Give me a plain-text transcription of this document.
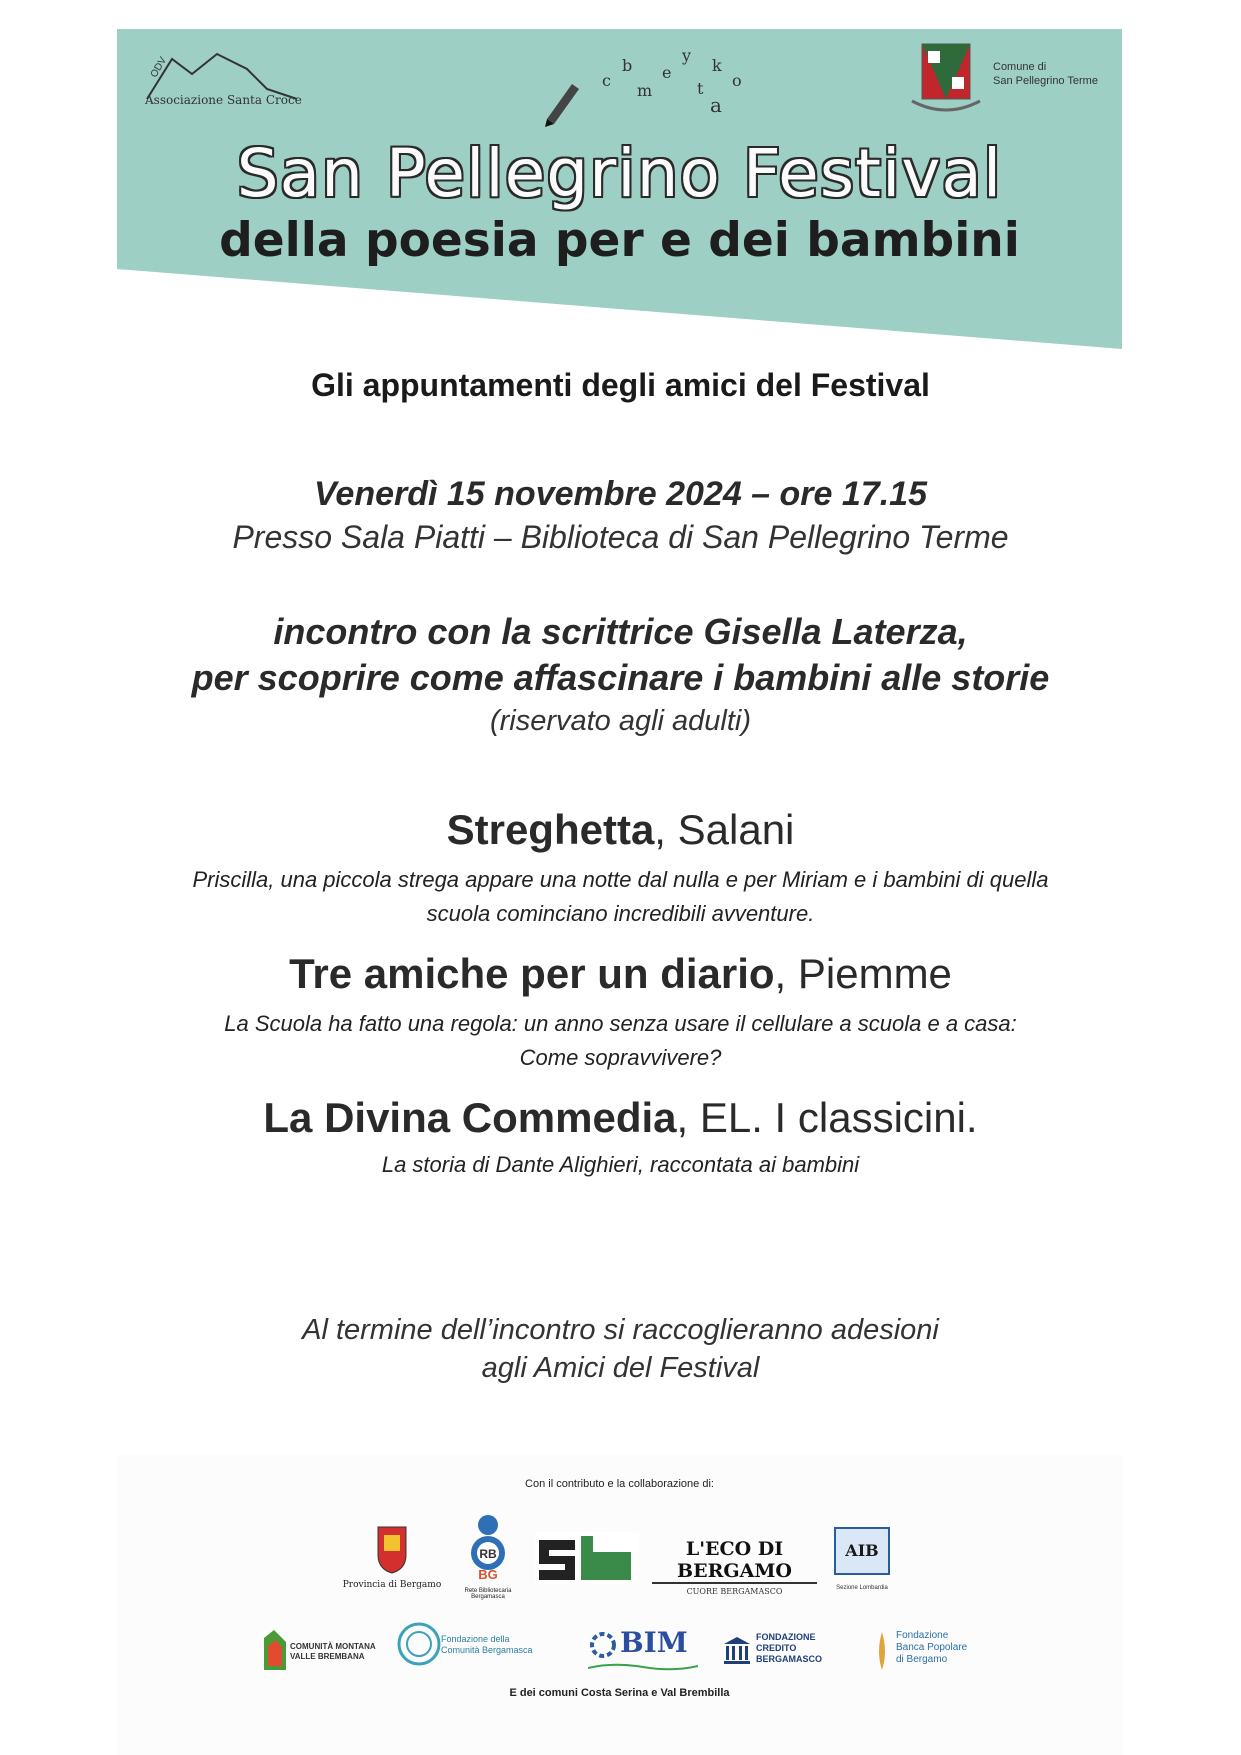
c
b
m
e
y
t
k
o
a
Associazione Santa Croce
ODV	Comune di
San Pellegrino Terme
San Pellegrino Festival
della poesia per e dei bambini
Gli appuntamenti degli amici del Festival
Venerdì 15 novembre 2024 – ore 17.15
Presso Sala Piatti – Biblioteca di San Pellegrino Terme
incontro con la scrittrice Gisella Laterza,
per scoprire come affascinare i bambini alle storie
(riservato agli adulti)
Streghetta, Salani
Priscilla, una piccola strega appare una notte dal nulla e per Miriam e i bambini di quella
scuola cominciano incredibili avventure.
Tre amiche per un diario, Piemme
La Scuola ha fatto una regola: un anno senza usare il cellulare a scuola e a casa:
Come sopravvivere?
La Divina Commedia, EL. I classicini.
La storia di Dante Alighieri, raccontata ai bambini
Al termine dell’incontro si raccoglieranno adesioni
agli Amici del Festival
Con il contributo e la collaborazione di:
Provincia di Bergamo
RB
BG
Rete Bibliotecaria Bergamasca
L'ECO DI BERGAMO
CUORE BERGAMASCO
AIB
Sezione Lombardia
COMUNITÀ MONTANA VALLE BREMBANA
Fondazione della Comunità Bergamasca	BIM	FONDAZIONE
CREDITO
BERGAMASCO
Fondazione
Banca Popolare
di Bergamo
E dei comuni Costa Serina e Val Brembilla
